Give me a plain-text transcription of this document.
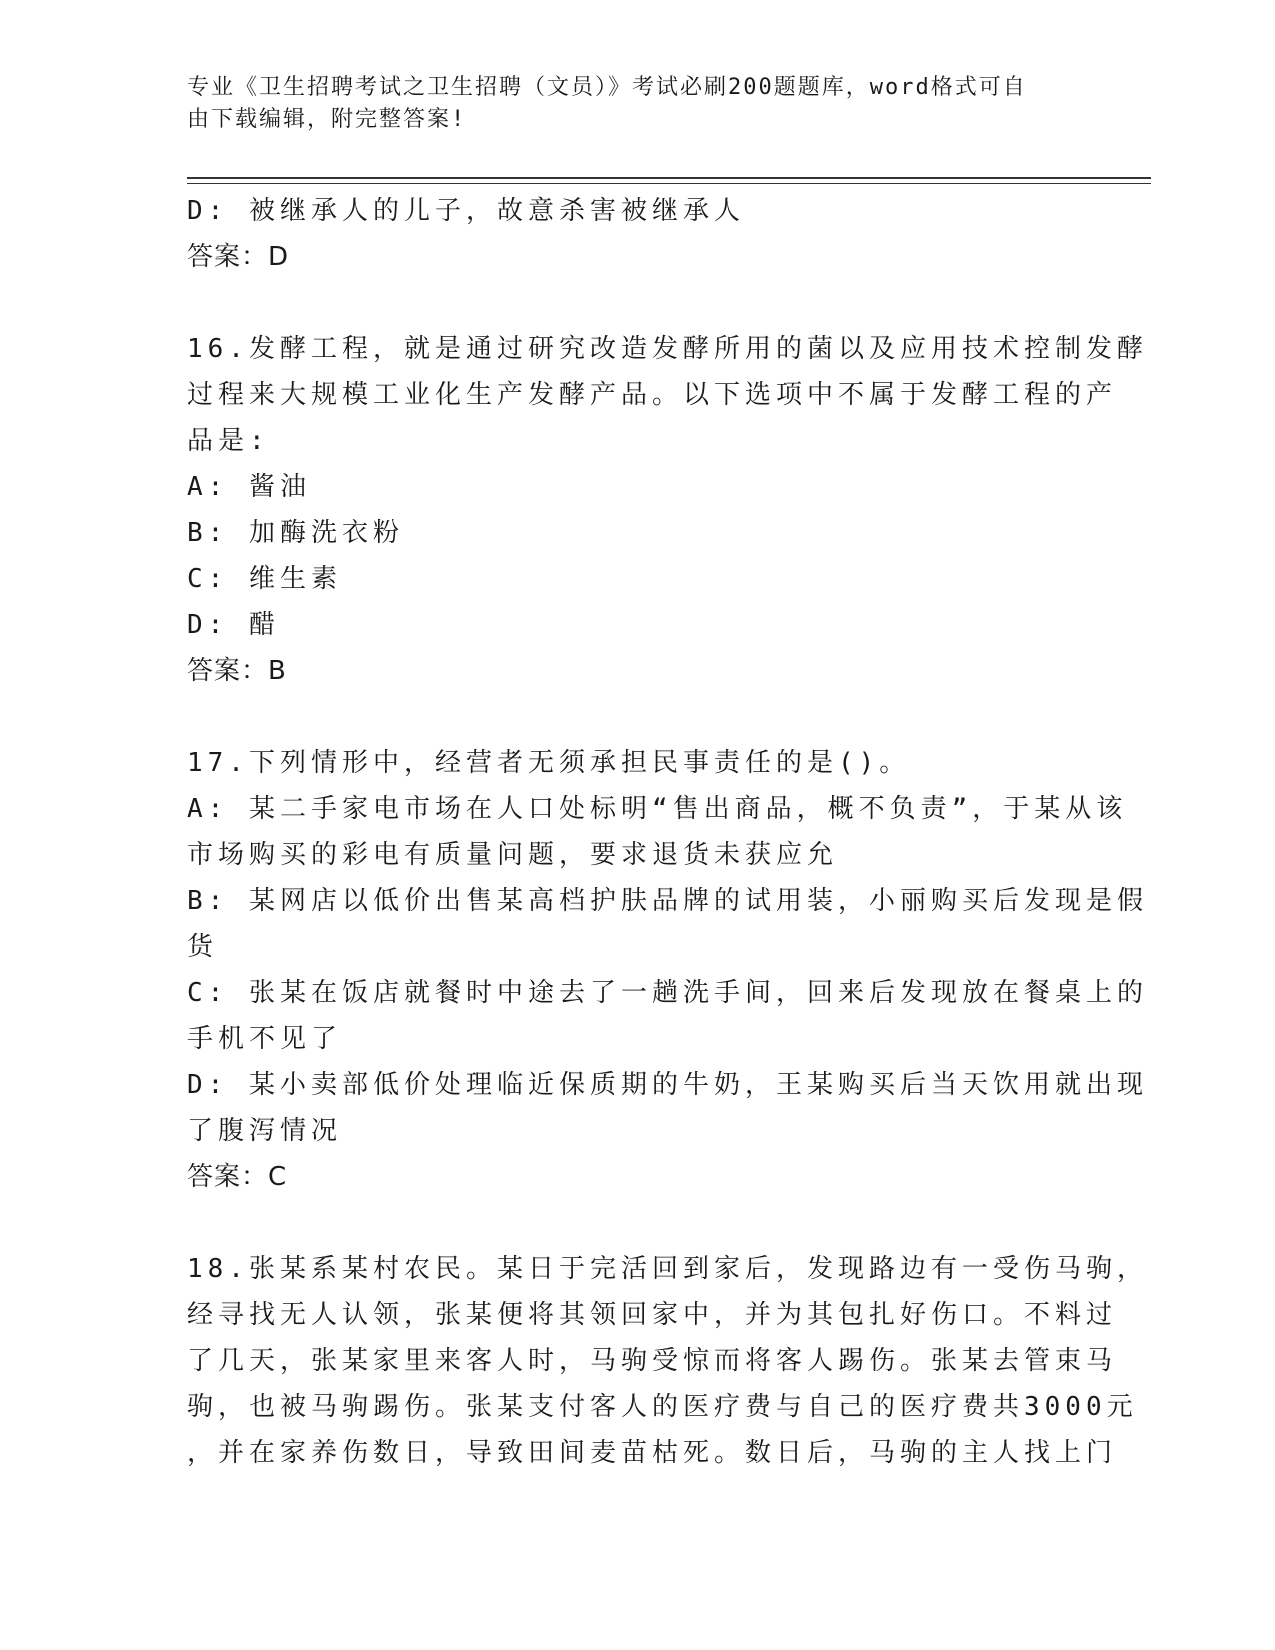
专业《卫生招聘考试之卫生招聘（文员）》考试必刷200题题库，word格式可自
由下载编辑，附完整答案!

D: 被继承人的儿子，故意杀害被继承人

答案：D

16.发酵工程，就是通过研究改造发酵所用的菌以及应用技术控制发酵

过程来大规模工业化生产发酵产品。以下选项中不属于发酵工程的产

品是:

A: 酱油

B: 加酶洗衣粉

C: 维生素

D: 醋

答案：B

17.下列情形中，经营者无须承担民事责任的是()。

A: 某二手家电市场在人口处标明“售出商品，概不负责”，于某从该

市场购买的彩电有质量问题，要求退货未获应允

B: 某网店以低价出售某高档护肤品牌的试用装，小丽购买后发现是假

货

C: 张某在饭店就餐时中途去了一趟洗手间，回来后发现放在餐桌上的

手机不见了

D: 某小卖部低价处理临近保质期的牛奶，王某购买后当天饮用就出现

了腹泻情况

答案：C

18.张某系某村农民。某日于完活回到家后，发现路边有一受伤马驹，

经寻找无人认领，张某便将其领回家中，并为其包扎好伤口。不料过

了几天，张某家里来客人时，马驹受惊而将客人踢伤。张某去管束马

驹，也被马驹踢伤。张某支付客人的医疗费与自己的医疗费共3000元

，并在家养伤数日，导致田间麦苗枯死。数日后，马驹的主人找上门
